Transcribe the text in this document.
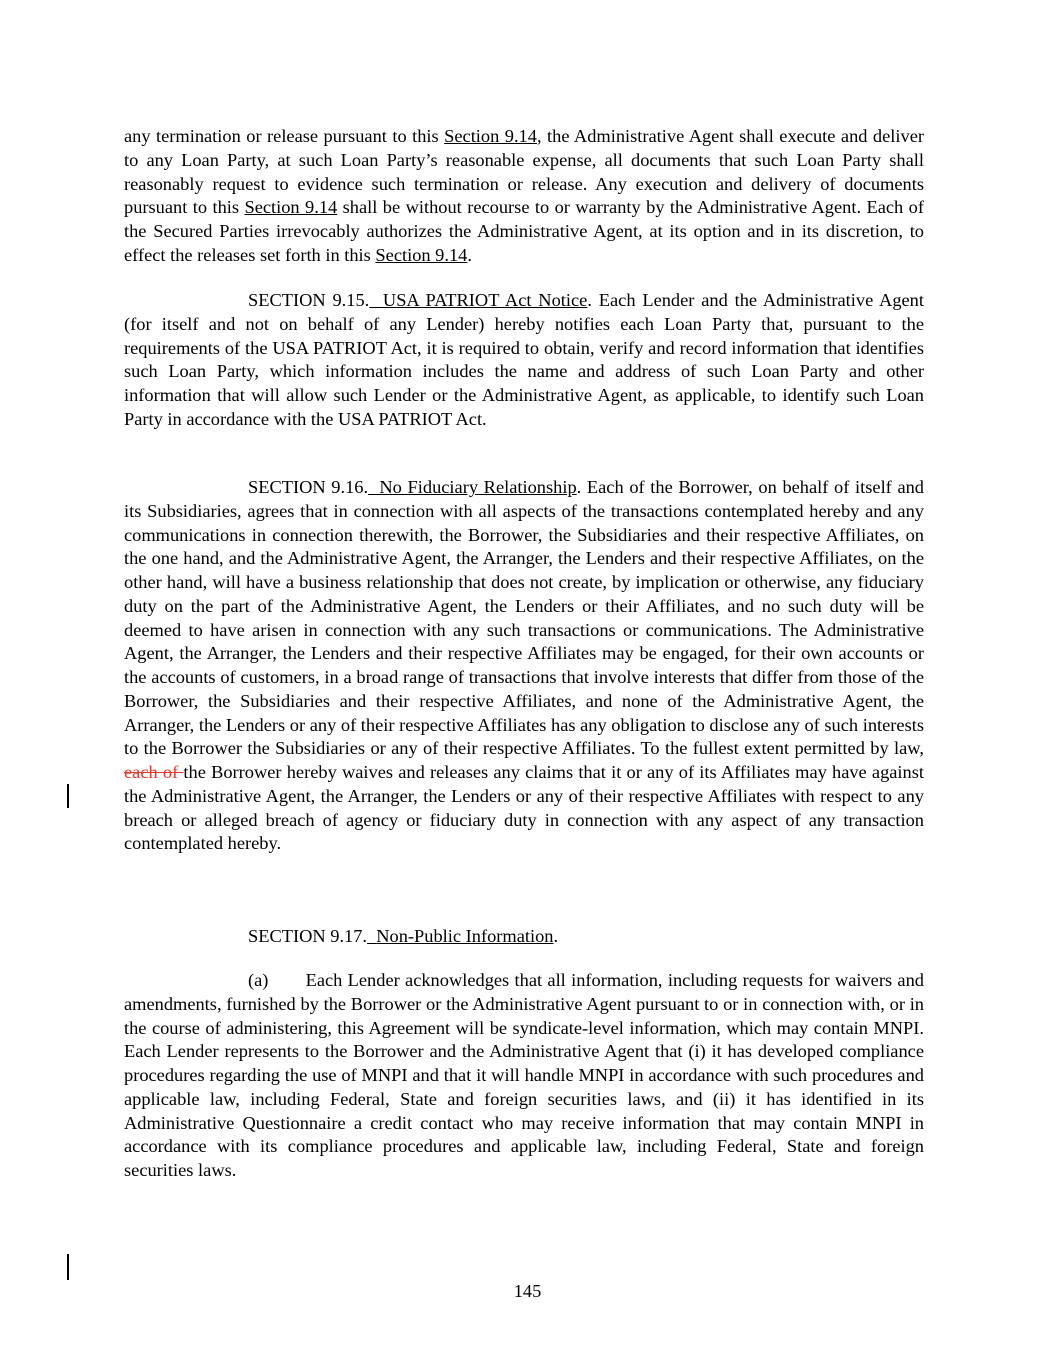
any termination or release pursuant to this Section 9.14, the Administrative Agent shall execute and deliver to any Loan Party, at such Loan Party’s reasonable expense, all documents that such Loan Party shall reasonably request to evidence such termination or release. Any execution and delivery of documents pursuant to this Section 9.14 shall be without recourse to or warranty by the Administrative Agent. Each of the Secured Parties irrevocably authorizes the Administrative Agent, at its option and in its discretion, to effect the releases set forth in this Section 9.14.

SECTION 9.15. USA PATRIOT Act Notice. Each Lender and the Administrative Agent (for itself and not on behalf of any Lender) hereby notifies each Loan Party that, pursuant to the requirements of the USA PATRIOT Act, it is required to obtain, verify and record information that identifies such Loan Party, which information includes the name and address of such Loan Party and other information that will allow such Lender or the Administrative Agent, as applicable, to identify such Loan Party in accordance with the USA PATRIOT Act.

SECTION 9.16. No Fiduciary Relationship. Each of the Borrower, on behalf of itself and its Subsidiaries, agrees that in connection with all aspects of the transactions contemplated hereby and any communications in connection therewith, the Borrower, the Subsidiaries and their respective Affiliates, on the one hand, and the Administrative Agent, the Arranger, the Lenders and their respective Affiliates, on the other hand, will have a business relationship that does not create, by implication or otherwise, any fiduciary duty on the part of the Administrative Agent, the Lenders or their Affiliates, and no such duty will be deemed to have arisen in connection with any such transactions or communications. The Administrative Agent, the Arranger, the Lenders and their respective Affiliates may be engaged, for their own accounts or the accounts of customers, in a broad range of transactions that involve interests that differ from those of the Borrower, the Subsidiaries and their respective Affiliates, and none of the Administrative Agent, the Arranger, the Lenders or any of their respective Affiliates has any obligation to disclose any of such interests to the Borrower the Subsidiaries or any of their respective Affiliates. To the fullest extent permitted by law, each of the Borrower hereby waives and releases any claims that it or any of its Affiliates may have against the Administrative Agent, the Arranger, the Lenders or any of their respective Affiliates with respect to any breach or alleged breach of agency or fiduciary duty in connection with any aspect of any transaction contemplated hereby.

SECTION 9.17. Non-Public Information.

(a) Each Lender acknowledges that all information, including requests for waivers and amendments, furnished by the Borrower or the Administrative Agent pursuant to or in connection with, or in the course of administering, this Agreement will be syndicate-level information, which may contain MNPI. Each Lender represents to the Borrower and the Administrative Agent that (i) it has developed compliance procedures regarding the use of MNPI and that it will handle MNPI in accordance with such procedures and applicable law, including Federal, State and foreign securities laws, and (ii) it has identified in its Administrative Questionnaire a credit contact who may receive information that may contain MNPI in accordance with its compliance procedures and applicable law, including Federal, State and foreign securities laws.

145
